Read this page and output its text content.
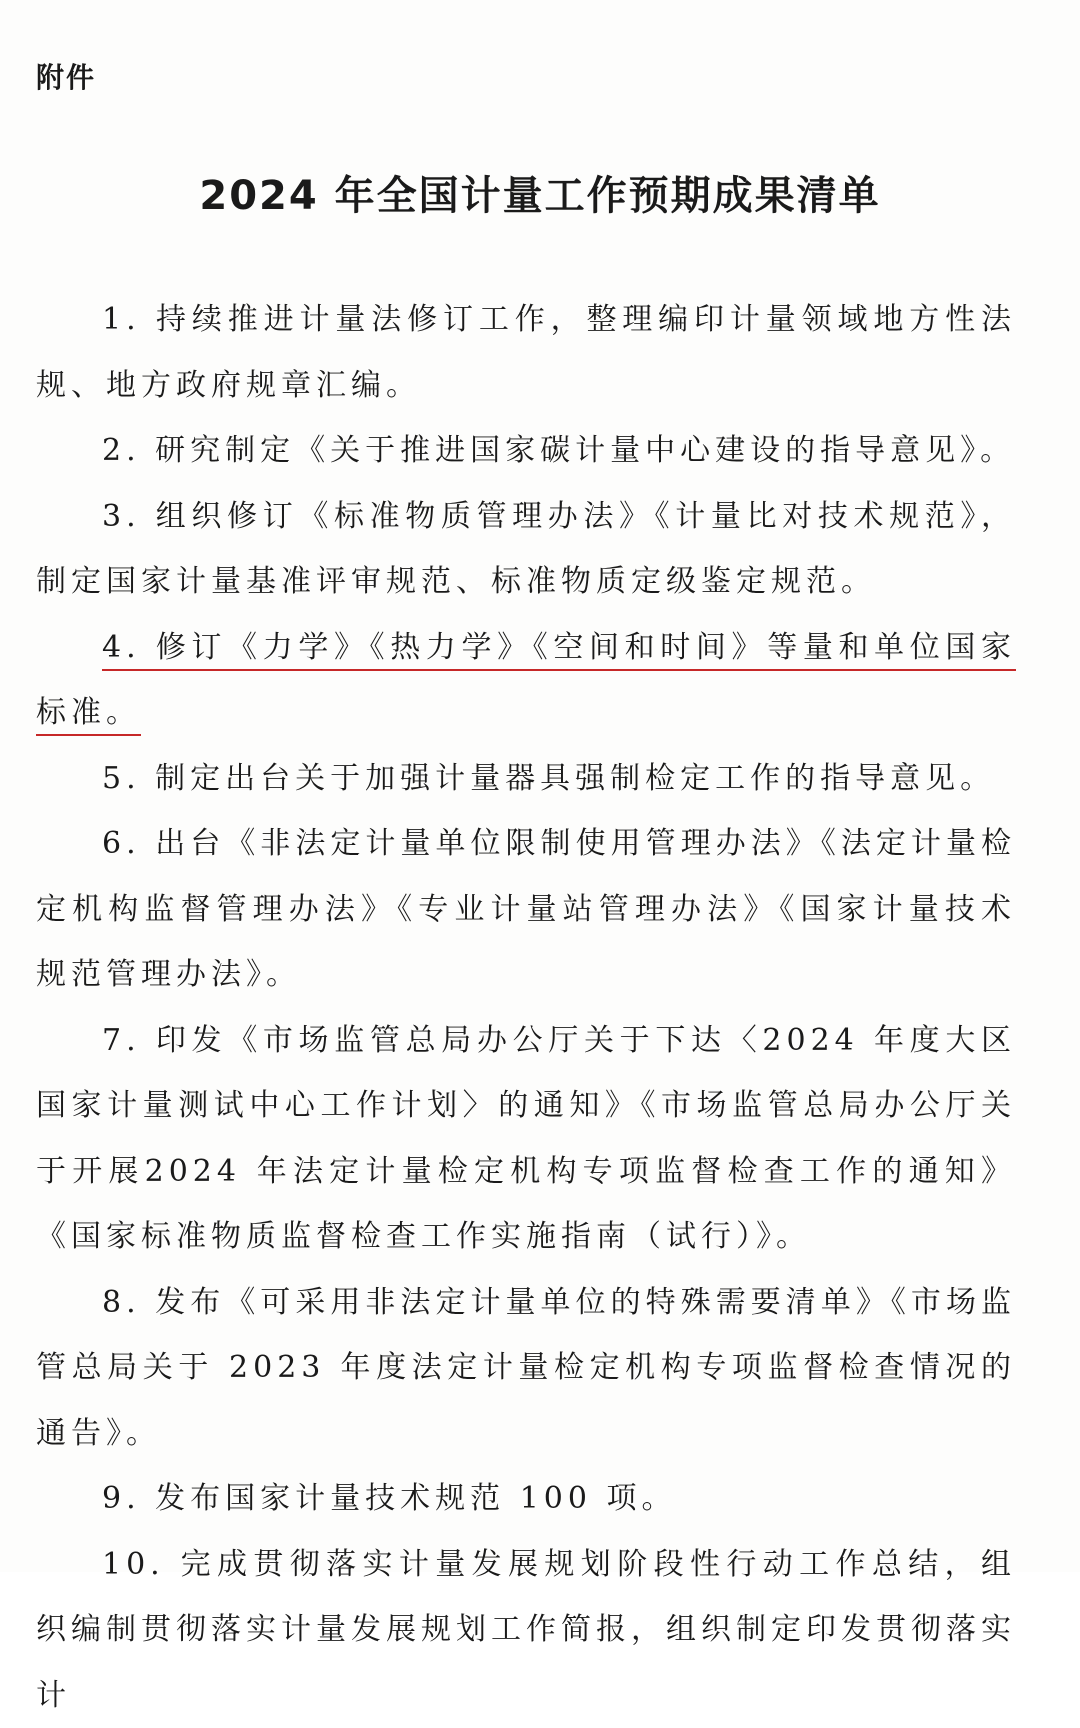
附件
2024 年全国计量工作预期成果清单

1. 持续推进计量法修订工作，整理编印计量领域地方性法规、地方政府规章汇编。

2. 研究制定《关于推进国家碳计量中心建设的指导意见》。

3. 组织修订《标准物质管理办法》《计量比对技术规范》，制定国家计量基准评审规范、标准物质定级鉴定规范。

4. 修订《力学》《热力学》《空间和时间》等量和单位国家标准。

5. 制定出台关于加强计量器具强制检定工作的指导意见。

6. 出台《非法定计量单位限制使用管理办法》《法定计量检定机构监督管理办法》《专业计量站管理办法》《国家计量技术规范管理办法》。

7. 印发《市场监管总局办公厅关于下达〈2024 年度大区国家计量测试中心工作计划〉的通知》《市场监管总局办公厅关于开展2024 年法定计量检定机构专项监督检查工作的通知》《国家标准物质监督检查工作实施指南（试行）》。

8. 发布《可采用非法定计量单位的特殊需要清单》《市场监管总局关于 2023 年度法定计量检定机构专项监督检查情况的通告》。

9. 发布国家计量技术规范 100 项。

10. 完成贯彻落实计量发展规划阶段性行动工作总结，组织编制贯彻落实计量发展规划工作简报，组织制定印发贯彻落实计
